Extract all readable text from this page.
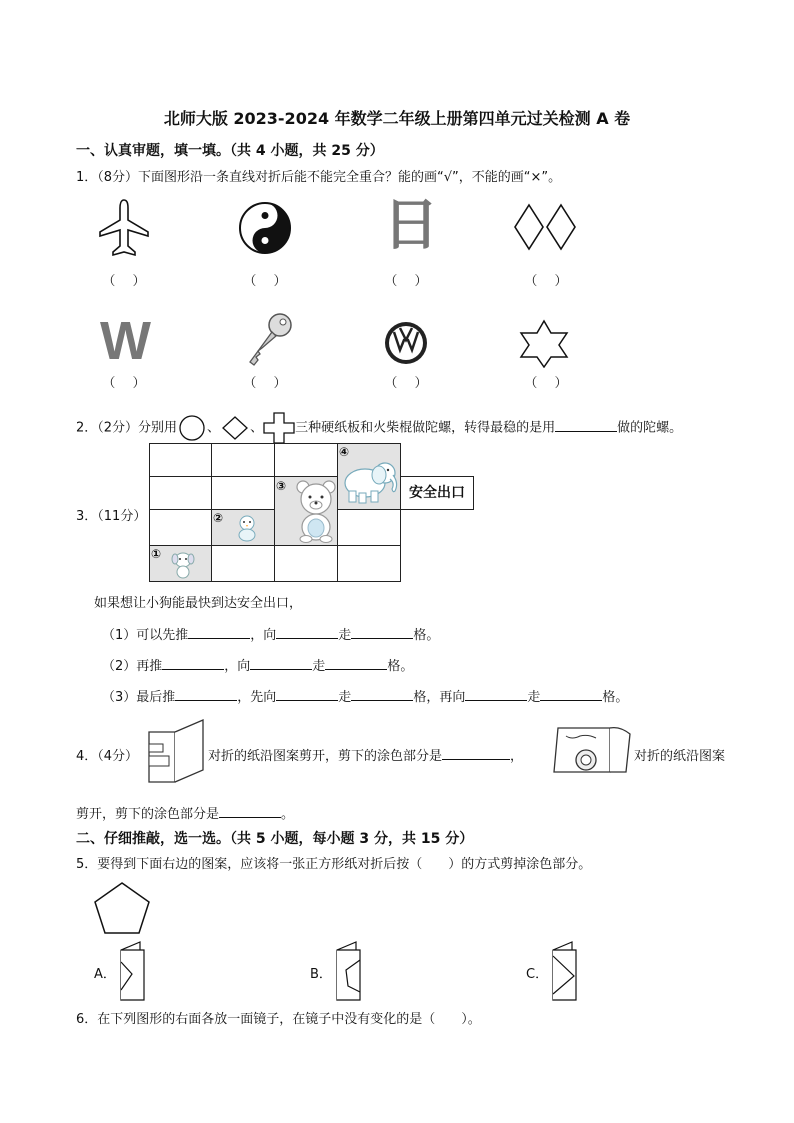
北师大版 2023-2024 年数学二年级上册第四单元过关检测 A 卷
一、认真审题，填一填。（共 4 小题，共 25 分）
1．（8分）下面图形沿一条直线对折后能不能完全重合？能的画“√”，不能的画“×”。
日
（　 ）	（　 ）	（　 ）	（　 ）
W
（　 ）	（　 ）	（　 ）	（　 ）
2．（2分）分别用 、 、 三种硬纸板和火柴棍做陀螺，转得最稳的是用	做的陀螺。
3．（11分）
①
②
③
④
安全出口
如果想让小狗能最快到达安全出口，
（1）可以先推	，向	走	格。
（2）再推	，向	走	格。
（3）最后推	，先向	走	格，再向	走	格。
4．（4分）	对折的纸沿图案剪开，剪下的涂色部分是	，	对折的纸沿图案
剪开，剪下的涂色部分是	。
二、仔细推敲，选一选。（共 5 小题，每小题 3 分，共 15 分）
5．要得到下面右边的图案，应该将一张正方形纸对折后按（　　）的方式剪掉涂色部分。
A．	B．	C．
6．在下列图形的右面各放一面镜子，在镜子中没有变化的是（　　）。
